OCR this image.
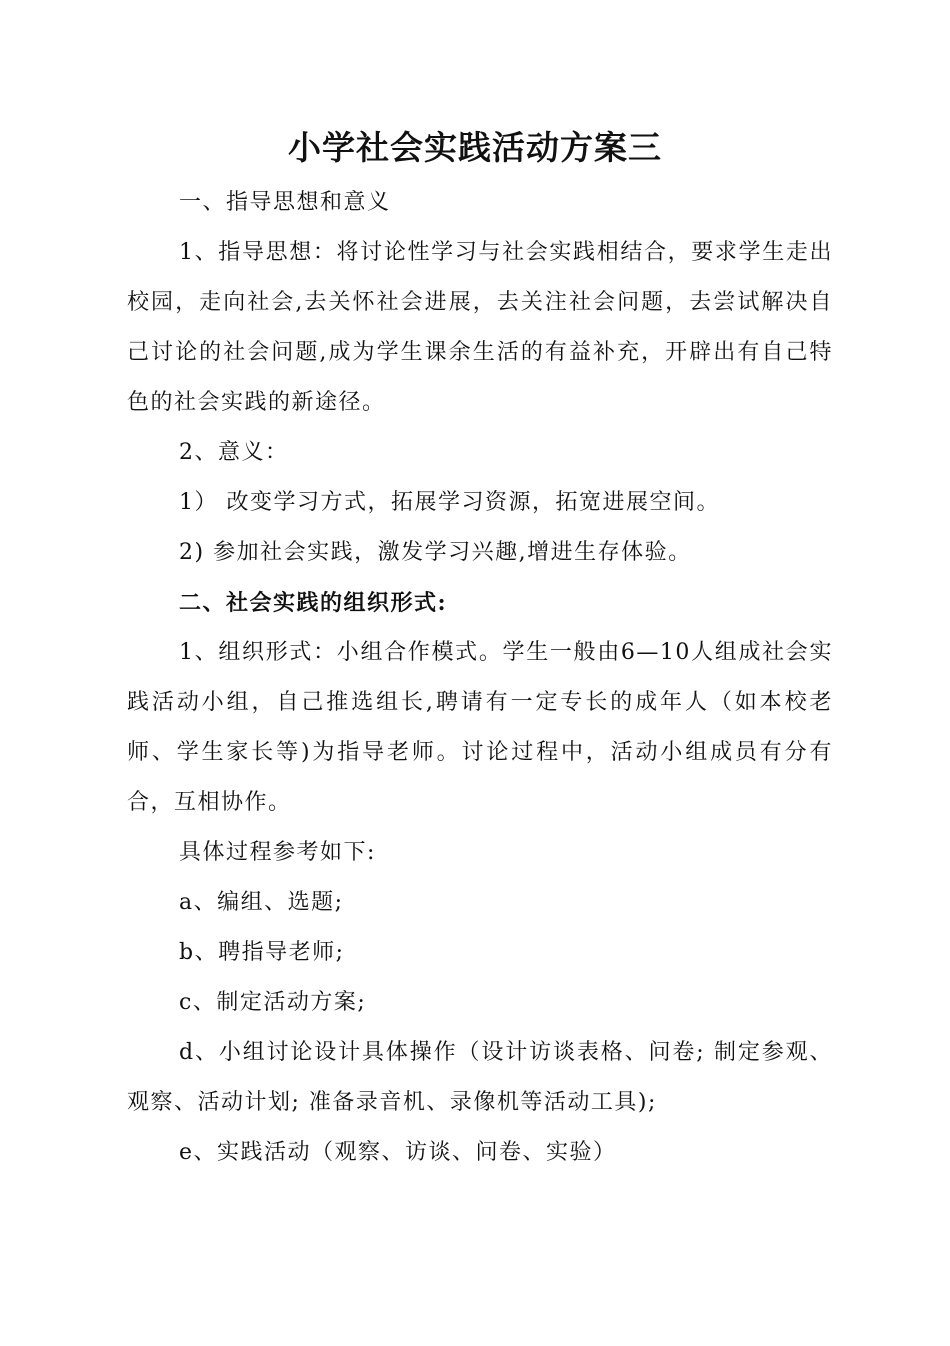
小学社会实践活动方案三

一、指导思想和意义

1、指导思想：将讨论性学习与社会实践相结合，要求学生走出校园，走向社会,去关怀社会进展，去关注社会问题，去尝试解决自己讨论的社会问题,成为学生课余生活的有益补充，开辟出有自己特色的社会实践的新途径。

2、意义：

1） 改变学习方式，拓展学习资源，拓宽进展空间。

2) 参加社会实践，激发学习兴趣,增进生存体验。

二、社会实践的组织形式:

1、组织形式：小组合作模式。学生一般由6—10人组成社会实践活动小组，自己推选组长,聘请有一定专长的成年人（如本校老师、学生家长等)为指导老师。讨论过程中，活动小组成员有分有合，互相协作。

具体过程参考如下:

a、编组、选题;

b、聘指导老师;

c、制定活动方案;

d、小组讨论设计具体操作（设计访谈表格、问卷; 制定参观、观察、活动计划; 准备录音机、录像机等活动工具);

e、实践活动（观察、访谈、问卷、实验）
